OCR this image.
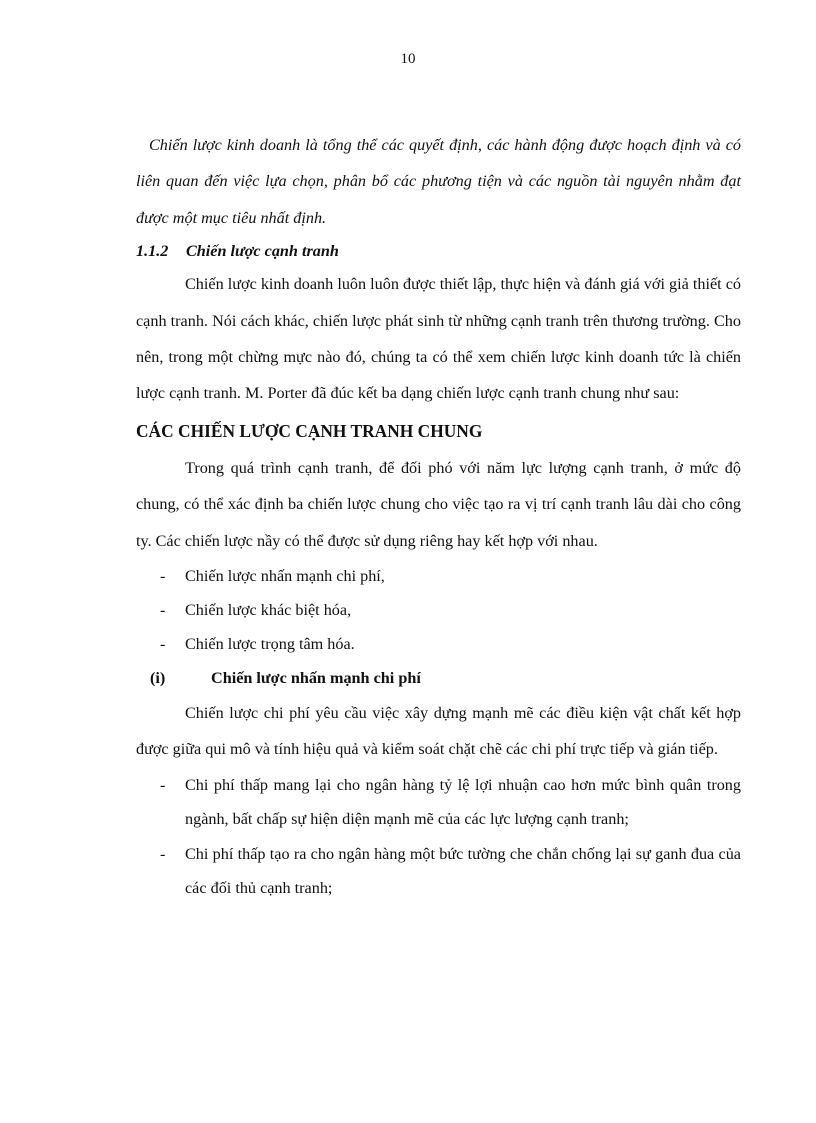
10

Chiến lược kinh doanh là tổng thể các quyết định, các hành động được hoạch định và có liên quan đến việc lựa chọn, phân bổ các phương tiện và các nguồn tài nguyên nhằm đạt được một mục tiêu nhất định.

1.1.2 Chiến lược cạnh tranh

Chiến lược kinh doanh luôn luôn được thiết lập, thực hiện và đánh giá với giả thiết có cạnh tranh. Nói cách khác, chiến lược phát sinh từ những cạnh tranh trên thương trường. Cho nên, trong một chừng mực nào đó, chúng ta có thể xem chiến lược kinh doanh tức là chiến lược cạnh tranh. M. Porter đã đúc kết ba dạng chiến lược cạnh tranh chung như sau:

CÁC CHIẾN LƯỢC CẠNH TRANH CHUNG

Trong quá trình cạnh tranh, để đối phó với năm lực lượng cạnh tranh, ở mức độ chung, có thể xác định ba chiến lược chung cho việc tạo ra vị trí cạnh tranh lâu dài cho công ty. Các chiến lược nầy có thể được sử dụng riêng hay kết hợp với nhau.

- Chiến lược nhấn mạnh chi phí,
- Chiến lược khác biệt hóa,
- Chiến lược trọng tâm hóa.
(i)	Chiến lược nhấn mạnh chi phí

Chiến lược chi phí yêu cầu việc xây dựng mạnh mẽ các điều kiện vật chất kết hợp được giữa qui mô và tính hiệu quả và kiểm soát chặt chẽ các chi phí trực tiếp và gián tiếp.

- Chi phí thấp mang lại cho ngân hàng tỷ lệ lợi nhuận cao hơn mức bình quân trong ngành, bất chấp sự hiện diện mạnh mẽ của các lực lượng cạnh tranh;
- Chi phí thấp tạo ra cho ngân hàng một bức tường che chắn chống lại sự ganh đua của các đối thủ cạnh tranh;
